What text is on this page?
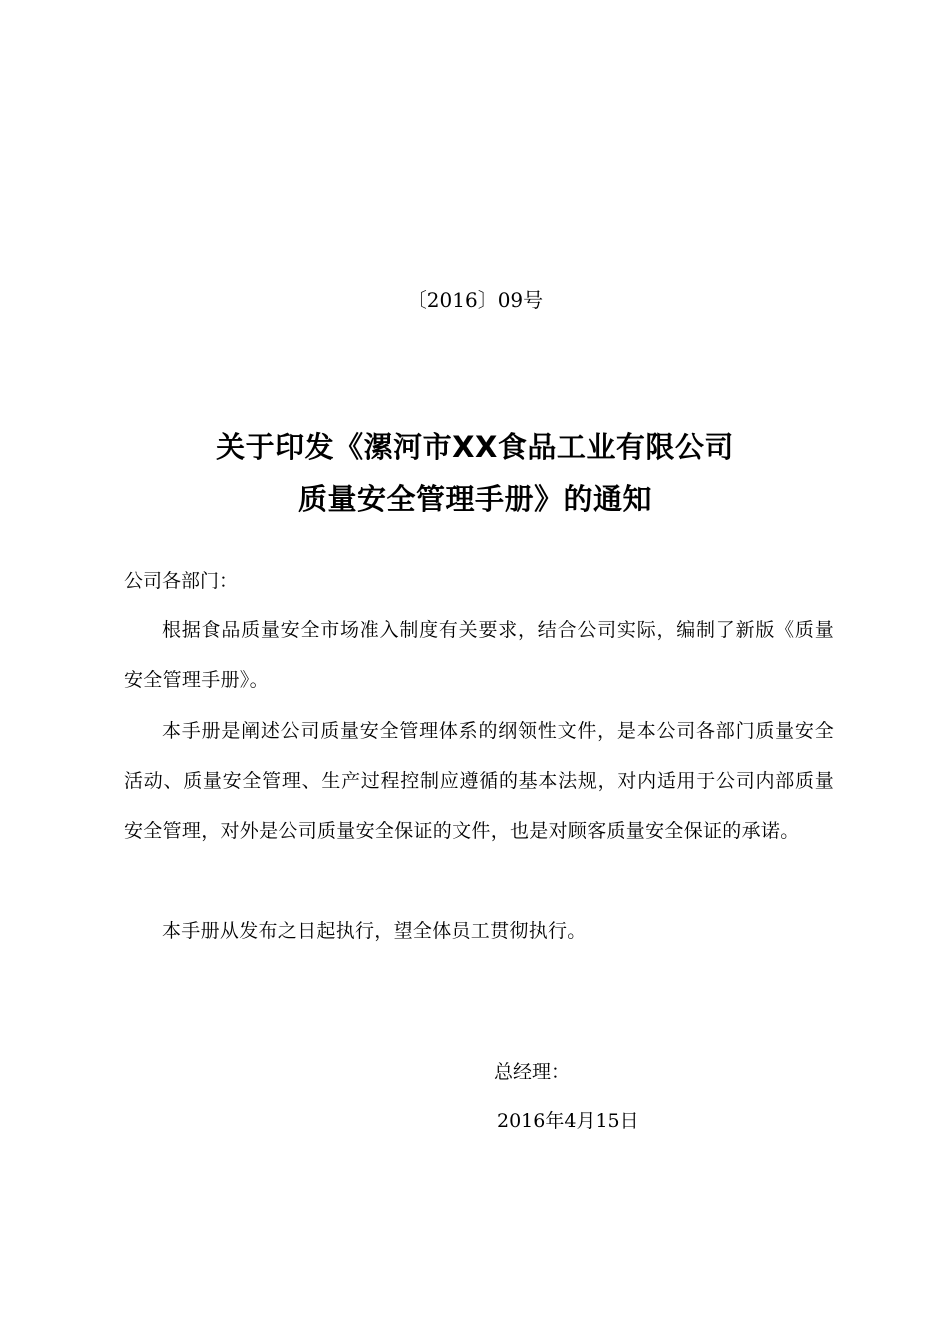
〔2016〕09号
关于印发《漯河市XX食品工业有限公司
质量安全管理手册》的通知
公司各部门：

根据食品质量安全市场准入制度有关要求，结合公司实际，编制了新版《质量安全管理手册》。

本手册是阐述公司质量安全管理体系的纲领性文件，是本公司各部门质量安全活动、质量安全管理、生产过程控制应遵循的基本法规，对内适用于公司内部质量安全管理，对外是公司质量安全保证的文件，也是对顾客质量安全保证的承诺。

本手册从发布之日起执行，望全体员工贯彻执行。

总经理：
2016年4月15日
